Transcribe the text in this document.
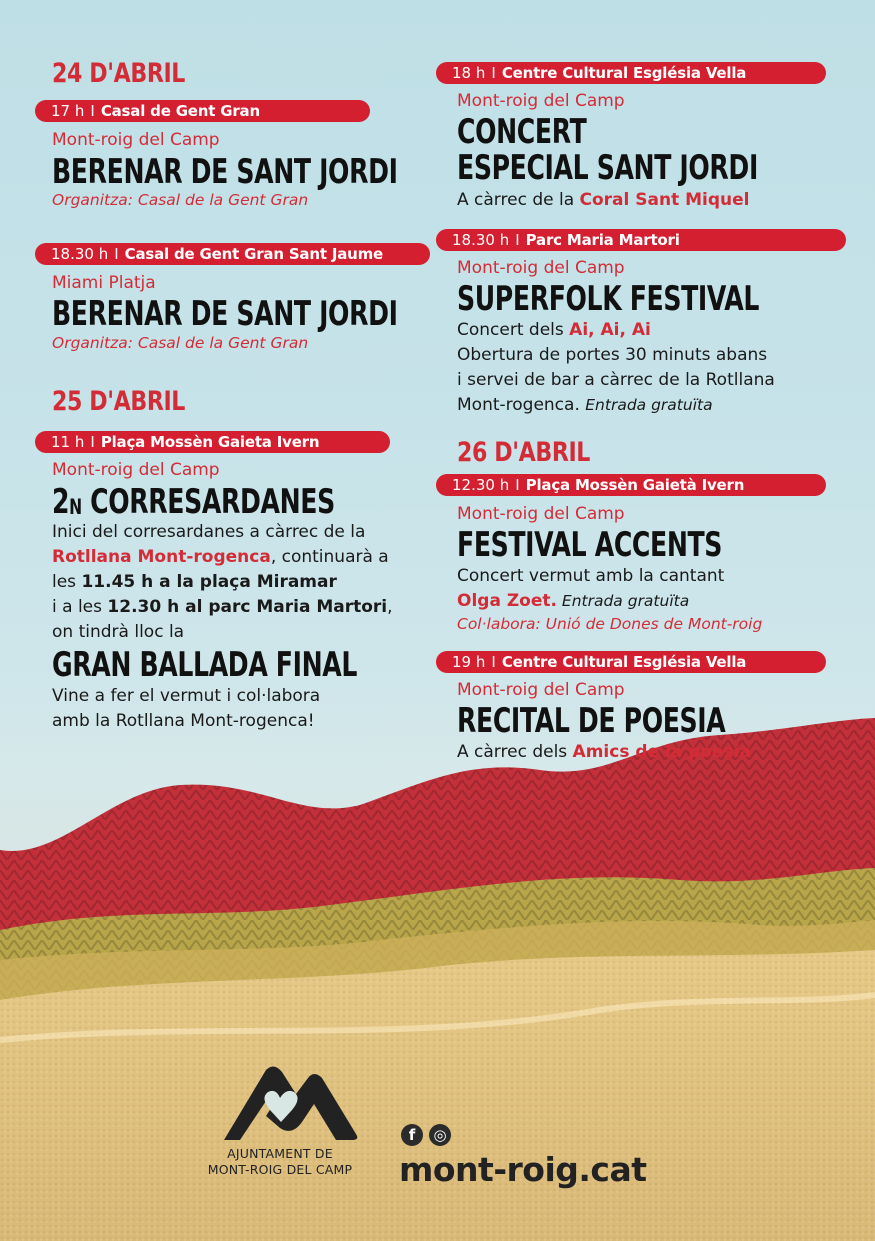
24 D'ABRIL
17 h I Casal de Gent Gran
Mont-roig del Camp
BERENAR DE SANT JORDI
Organitza: Casal de la Gent Gran
18.30 h I Casal de Gent Gran Sant Jaume
Miami Platja
BERENAR DE SANT JORDI
Organitza: Casal de la Gent Gran
25 D'ABRIL
11 h I Plaça Mossèn Gaieta Ivern
Mont-roig del Camp
2N CORRESARDANES
Inici del corresardanes a càrrec de la
Rotllana Mont-rogenca, continuarà a
les 11.45 h a la plaça Miramar
i a les 12.30 h al parc Maria Martori,
on tindrà lloc la
GRAN BALLADA FINAL
Vine a fer el vermut i col·labora
amb la Rotllana Mont-rogenca!
18 h I Centre Cultural Església Vella
Mont-roig del Camp
CONCERT
ESPECIAL SANT JORDI
A càrrec de la Coral Sant Miquel
18.30 h I Parc Maria Martori
Mont-roig del Camp
SUPERFOLK FESTIVAL
Concert dels Ai, Ai, Ai
Obertura de portes 30 minuts abans
i servei de bar a càrrec de la Rotllana
Mont-rogenca. Entrada gratuïta
26 D'ABRIL
12.30 h I Plaça Mossèn Gaietà Ivern
Mont-roig del Camp
FESTIVAL ACCENTS
Concert vermut amb la cantant
Olga Zoet. Entrada gratuïta
Col·labora: Unió de Dones de Mont-roig
19 h I Centre Cultural Església Vella
Mont-roig del Camp
RECITAL DE POESIA
A càrrec dels Amics de la poesia
AJUNTAMENT DE
MONT-ROIG DEL CAMP
f	◎
mont-roig.cat
